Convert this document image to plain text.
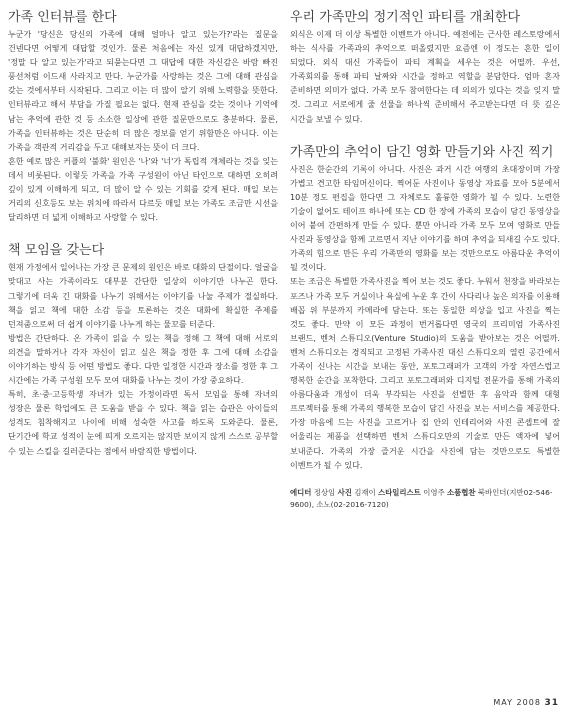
가족 인터뷰를 한다

누군가 '당신은 당신의 가족에 대해 얼마나 알고 있는가?'라는 질문을 건넨다면 어떻게 대답할 것인가. 물론 처음에는 자신 있게 대답하겠지만, '정말 다 알고 있는가'라고 되묻는다면 그 대답에 대한 자신감은 바람 빠진 풍선처럼 이드새 사라지고 만다. 누군가를 사랑하는 것은 그에 대해 관심을 갖는 것에서부터 시작된다. 그리고 이는 더 많이 알기 위해 노력함을 뜻한다. 인터뷰라고 해서 부담을 가질 필요는 없다. 현재 관심을 갖는 것이나 기억에 남는 추억에 관한 것 등 소소한 일상에 관한 질문만으로도 충분하다. 물론, 가족을 인터뷰하는 것은 단순히 더 많은 정보를 얻기 위함만은 아니다. 이는 가족을 객관적 거리감을 두고 대해보자는 뜻이 더 크다.

흔한 예로 많은 커플의 '불화' 원인은 '나'와 '너'가 독립적 개체라는 것을 잊는 데서 비롯된다. 이렇듯 가족을 가족 구성원이 아닌 타인으로 대하면 오히려 깊이 있게 이해하게 되고, 더 많이 알 수 있는 기회를 갖게 된다. 매일 보는 거리의 신호등도 보는 위치에 따라서 다르듯 매일 보는 가족도 조금만 시선을 달리하면 더 넓게 이해하고 사랑할 수 있다.

책 모임을 갖는다

현재 가정에서 일어나는 가장 큰 문제의 원인은 바로 대화의 단절이다. 얼굴을 맞대고 사는 가족이라도 대부분 간단한 일상의 이야기만 나누곤 한다. 그렇기에 더욱 긴 대화를 나누기 위해서는 이야기를 나눌 주제가 절실하다. 책을 읽고 책에 대한 소감 등을 토론하는 것은 대화에 확실한 주제를 던져줌으로써 더 쉽게 이야기를 나누게 하는 물꼬를 터준다.

방법은 간단하다. 온 가족이 읽을 수 있는 책을 정해 그 책에 대해 서로의 의견을 말하거나 각자 자신이 읽고 싶은 책을 정한 후 그에 대해 소감을 이야기하는 방식 등 어떤 방법도 좋다. 다만 일정한 시간과 장소를 정한 후 그 시간에는 가족 구성원 모두 모여 대화를 나누는 것이 가장 중요하다.

특히, 초·중·고등학생 자녀가 있는 가정이라면 독서 모임을 통해 자녀의 성장은 물론 학업에도 큰 도움을 받을 수 있다. 책을 읽는 습관은 아이들의 성격도 침착해지고 나이에 비해 성숙한 사고를 하도록 도와준다. 물론, 단기간에 학교 성적이 눈에 띄게 오르지는 않지만 보이지 않게 스스로 공부할 수 있는 스킬을 길러준다는 점에서 바람직한 방법이다.

우리 가족만의 정기적인 파티를 개최한다

외식은 이제 더 이상 특별한 이벤트가 아니다. 예전에는 근사한 레스토랑에서 하는 식사를 가족과의 추억으로 떠올렸지만 요즘엔 이 정도는 흔한 일이 되었다. 외식 대신 가족들이 파티 계획을 세우는 것은 어떨까. 우선, 가족회의를 통해 파티 날짜와 시간을 정하고 역할을 분담한다. 엄마 혼자 준비하면 의미가 없다. 가족 모두 참여한다는 데 의의가 있다는 것을 잊지 말 것. 그리고 서로에게 줄 선물을 하나씩 준비해서 주고받는다면 더 뜻 깊은 시간을 보낼 수 있다.

가족만의 추억이 담긴 영화 만들기와 사진 찍기

사진은 한순간의 기록이 아니다. 사진은 과거 시간 여행의 초대장이며 가장 가볍고 견고한 타임머신이다. 찍어둔 사진이나 동영상 자료를 모아 5분에서 10분 정도 편집을 한다면 그 자체로도 훌륭한 영화가 될 수 있다. 노련한 기술이 없어도 테이프 하나에 또는 CD 한 장에 가족의 모습이 담긴 동영상을 이어 붙여 간편하게 만들 수 있다. 뿐만 아니라 가족 모두 모여 영화로 만들 사진과 동영상을 함께 고르면서 지난 이야기를 하며 추억을 되새길 수도 있다. 가족의 힘으로 만든 우리 가족만의 영화를 보는 것만으로도 아름다운 추억이 될 것이다.

또는 조금은 특별한 가족사진을 찍어 보는 것도 좋다. 누워서 천장을 바라보는 포즈나 가족 모두 거실이나 욕실에 누운 후 간이 사다리나 높은 의자를 이용해 배꼽 위 부분까지 카메라에 담는다. 또는 동일한 의상을 입고 사진을 찍는 것도 좋다. 만약 이 모든 과정이 번거롭다면 영국의 프리미엄 가족사진 브랜드, 벤처 스튜디오(Venture Studio)의 도움을 받아보는 것은 어떨까. 벤처 스튜디오는 경직되고 고정된 가족사진 대신 스튜디오의 열린 공간에서 가족이 신나는 시간을 보내는 동안, 포토그래퍼가 고객의 가장 자연스럽고 행복한 순간을 포착한다. 그리고 포토그래퍼와 디지털 전문가를 통해 가족의 아름다움과 개성이 더욱 부각되는 사진을 선별한 후 음악과 함께 대형 프로젝터를 통해 가족의 행복한 모습이 담긴 사진을 보는 서비스를 제공한다. 가장 마음에 드는 사진을 고르거나 집 안의 인테리어와 사진 콘셉트에 잘 어울리는 제품을 선택하면 벤처 스튜디오만의 기술로 만든 액자에 넣어 보내준다. 가족의 가장 즐거운 시간을 사진에 담는 것만으로도 특별한 이벤트가 될 수 있다.

에디터 정상임 사진 김재이 스타일리스트 이영주 소품협찬 북바인더(지반02-546-9600), 소노(02-2016-7120)
MAY 2008 31
